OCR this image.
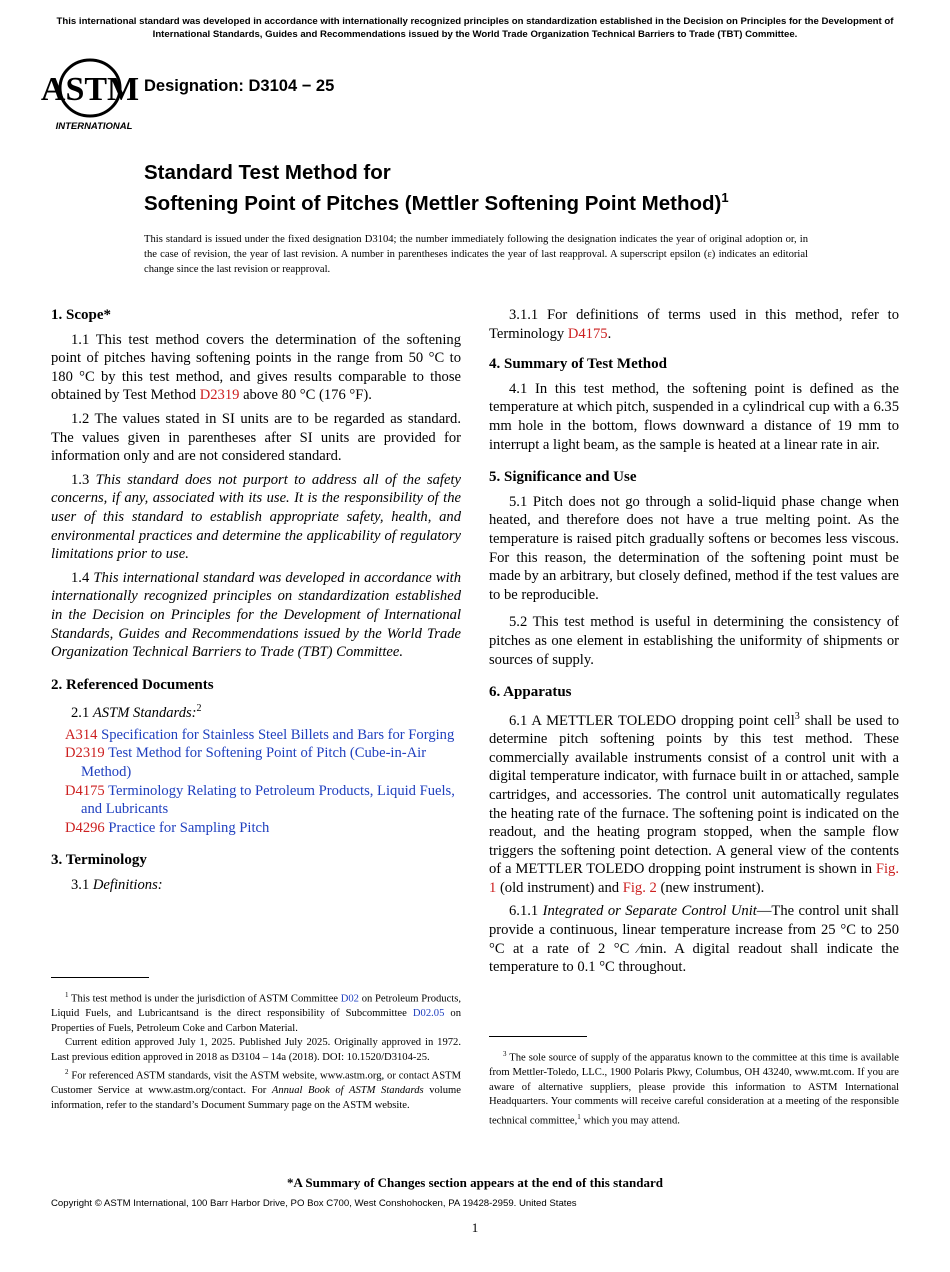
This international standard was developed in accordance with internationally recognized principles on standardization established in the Decision on Principles for the Development of International Standards, Guides and Recommendations issued by the World Trade Organization Technical Barriers to Trade (TBT) Committee.
ASTM
INTERNATIONAL
Designation: D3104 − 25
Standard Test Method for
Softening Point of Pitches (Mettler Softening Point Method)$^1$
This standard is issued under the fixed designation D3104; the number immediately following the designation indicates the year of original adoption or, in the case of revision, the year of last revision. A number in parentheses indicates the year of last reapproval. A superscript epsilon (ε) indicates an editorial change since the last revision or reapproval.
1. Scope*

1.1 This test method covers the determination of the softening point of pitches having softening points in the range from 50 °C to 180 °C by this test method, and gives results comparable to those obtained by Test Method D2319 above 80 °C (176 °F).

1.2 The values stated in SI units are to be regarded as standard. The values given in parentheses after SI units are provided for information only and are not considered standard.

1.3 This standard does not purport to address all of the safety concerns, if any, associated with its use. It is the responsibility of the user of this standard to establish appropriate safety, health, and environmental practices and determine the applicability of regulatory limitations prior to use.

1.4 This international standard was developed in accordance with internationally recognized principles on standardization established in the Decision on Principles for the Development of International Standards, Guides and Recommendations issued by the World Trade Organization Technical Barriers to Trade (TBT) Committee.

2. Referenced Documents

2.1 ASTM Standards:$^2$

A314 Specification for Stainless Steel Billets and Bars for Forging
D2319 Test Method for Softening Point of Pitch (Cube-in-Air Method)
D4175 Terminology Relating to Petroleum Products, Liquid Fuels, and Lubricants
D4296 Practice for Sampling Pitch
3. Terminology

3.1 Definitions:

$^1$ This test method is under the jurisdiction of ASTM Committee D02 on Petroleum Products, Liquid Fuels, and Lubricantsand is the direct responsibility of Subcommittee D02.05 on Properties of Fuels, Petroleum Coke and Carbon Material.

Current edition approved July 1, 2025. Published July 2025. Originally approved in 1972. Last previous edition approved in 2018 as D3104 – 14a (2018). DOI: 10.1520/D3104-25.

$^2$ For referenced ASTM standards, visit the ASTM website, www.astm.org, or contact ASTM Customer Service at www.astm.org/contact. For Annual Book of ASTM Standards volume information, refer to the standard’s Document Summary page on the ASTM website.

3.1.1 For definitions of terms used in this method, refer to Terminology D4175.

4. Summary of Test Method

4.1 In this test method, the softening point is defined as the temperature at which pitch, suspended in a cylindrical cup with a 6.35 mm hole in the bottom, flows downward a distance of 19 mm to interrupt a light beam, as the sample is heated at a linear rate in air.

5. Significance and Use

5.1 Pitch does not go through a solid-liquid phase change when heated, and therefore does not have a true melting point. As the temperature is raised pitch gradually softens or becomes less viscous. For this reason, the determination of the softening point must be made by an arbitrary, but closely defined, method if the test values are to be reproducible.

5.2 This test method is useful in determining the consistency of pitches as one element in establishing the uniformity of shipments or sources of supply.

6. Apparatus

6.1 A METTLER TOLEDO dropping point cell$^3$ shall be used to determine pitch softening points by this test method. These commercially available instruments consist of a control unit with a digital temperature indicator, with furnace built in or attached, sample cartridges, and accessories. The control unit automatically regulates the heating rate of the furnace. The softening point is indicated on the readout, and the heating program stopped, when the sample flow triggers the softening point detection. A general view of the contents of a METTLER TOLEDO dropping point instrument is shown in Fig. 1 (old instrument) and Fig. 2 (new instrument).

6.1.1 Integrated or Separate Control Unit—The control unit shall provide a continuous, linear temperature increase from 25 °C to 250 °C at a rate of 2 °C ⁄min. A digital readout shall indicate the temperature to 0.1 °C throughout.

$^3$ The sole source of supply of the apparatus known to the committee at this time is available from Mettler-Toledo, LLC., 1900 Polaris Pkwy, Columbus, OH 43240, www.mt.com. If you are aware of alternative suppliers, please provide this information to ASTM International Headquarters. Your comments will receive careful consideration at a meeting of the responsible technical committee,$^1$ which you may attend.

*A Summary of Changes section appears at the end of this standard
Copyright © ASTM International, 100 Barr Harbor Drive, PO Box C700, West Conshohocken, PA 19428-2959. United States
1
